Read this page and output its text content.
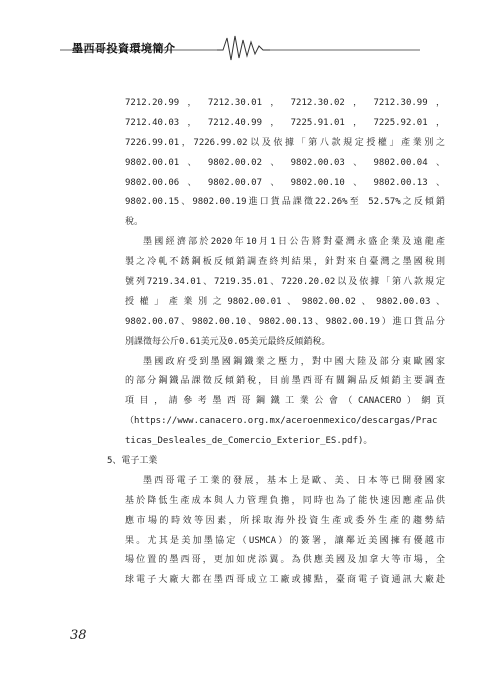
墨西哥投資環境簡介
7212.20.99 ， 7212.30.01 ， 7212.30.02 ， 7212.30.99 ，
7212.40.03 ， 7212.40.99 ， 7225.91.01 ， 7225.92.01 ，
7226.99.01，7226.99.02以及依據「第八款規定授權」產業別之
9802.00.01 、 9802.00.02 、 9802.00.03 、 9802.00.04 、
9802.00.06 、 9802.00.07 、 9802.00.10 、 9802.00.13 、
9802.00.15、9802.00.19進口貨品課徵22.26%至 52.57%之反傾銷
稅。
墨國經濟部於2020年10月1日公告將對臺灣永盛企業及遠龍產
製之冷軋不銹鋼板反傾銷調查終判結果，針對來自臺灣之墨國稅則
號列7219.34.01、7219.35.01、7220.20.02以及依據「第八款規定
授權」產業別之9802.00.01、9802.00.02、9802.00.03、
9802.00.07、9802.00.10、9802.00.13、9802.00.19）進口貨品分
別課徵每公斤0.61美元及0.05美元最終反傾銷稅。
墨國政府受到墨國鋼鐵業之壓力，對中國大陸及部分東歐國家
的部分鋼鐵品課徵反傾銷稅，目前墨西哥有關鋼品反傾銷主要調查
項目，請參考墨西哥鋼鐵工業公會（CANACERO）網頁
（https://www.canacero.org.mx/aceroenmexico/descargas/Prac
ticas_Desleales_de_Comercio_Exterior_ES.pdf)。
5、電子工業
墨西哥電子工業的發展，基本上是歐、美、日本等已開發國家
基於降低生產成本與人力管理負擔，同時也為了能快速因應產品供
應市場的時效等因素，所採取海外投資生產或委外生產的趨勢結
果。尤其是美加墨協定（USMCA）的簽署，讓鄰近美國擁有優越市
場位置的墨西哥，更加如虎添翼。為供應美國及加拿大等市場，全
球電子大廠大都在墨西哥成立工廠或據點，臺商電子資通訊大廠赴

38
